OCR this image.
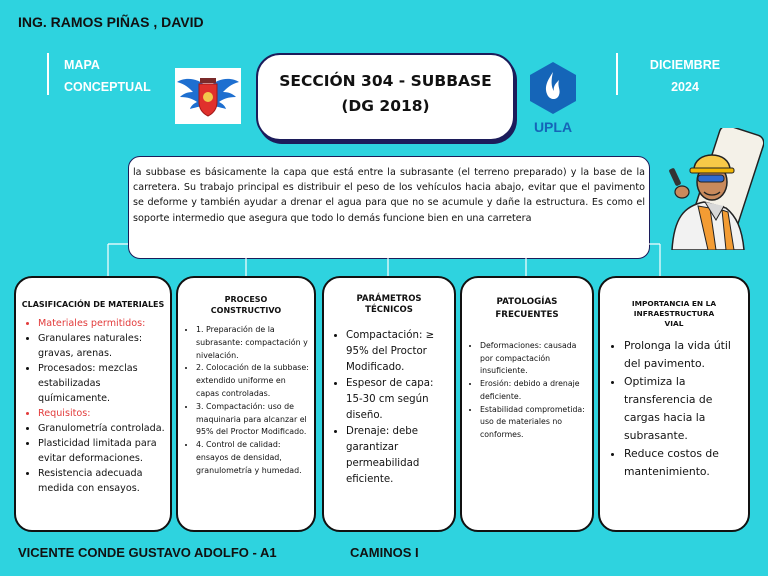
ING. RAMOS PIÑAS , DAVID
MAPA
CONCEPTUAL	SECCIÓN 304 - SUBBASE
(DG 2018)
UPLA
DICIEMBRE
2024
la subbase es básicamente la capa que está entre la subrasante (el terreno preparado) y la base de la carretera. Su trabajo principal es distribuir el peso de los vehículos hacia abajo, evitar que el pavimento se deforme y también ayudar a drenar el agua para que no se acumule y dañe la estructura. Es como el soporte intermedio que asegura que todo lo demás funcione bien en una carretera
CLASIFICACIÓN DE MATERIALES
• Materiales permitidos:
• Granulares naturales: gravas, arenas.
• Procesados: mezclas estabilizadas químicamente.
• Requisitos:
• Granulometría controlada.
• Plasticidad limitada para evitar deformaciones.
• Resistencia adecuada medida con ensayos.
PROCESO
CONSTRUCTIVO
• 1. Preparación de la subrasante: compactación y nivelación.
• 2. Colocación de la subbase: extendido uniforme en capas controladas.
• 3. Compactación: uso de maquinaria para alcanzar el 95% del Proctor Modificado.
• 4. Control de calidad: ensayos de densidad, granulometría y humedad.
PARÁMETROS
TÉCNICOS
• Compactación: ≥ 95% del Proctor Modificado.
• Espesor de capa: 15-30 cm según diseño.
• Drenaje: debe garantizar permeabilidad eficiente.
PATOLOGÍAS
FRECUENTES
• Deformaciones: causada por compactación insuficiente.
• Erosión: debido a drenaje deficiente.
• Estabilidad comprometida: uso de materiales no conformes.
IMPORTANCIA EN LA
INFRAESTRUCTURA
VIAL
• Prolonga la vida útil del pavimento.
• Optimiza la transferencia de cargas hacia la subrasante.
• Reduce costos de mantenimiento.
VICENTE CONDE GUSTAVO ADOLFO - A1	CAMINOS I
